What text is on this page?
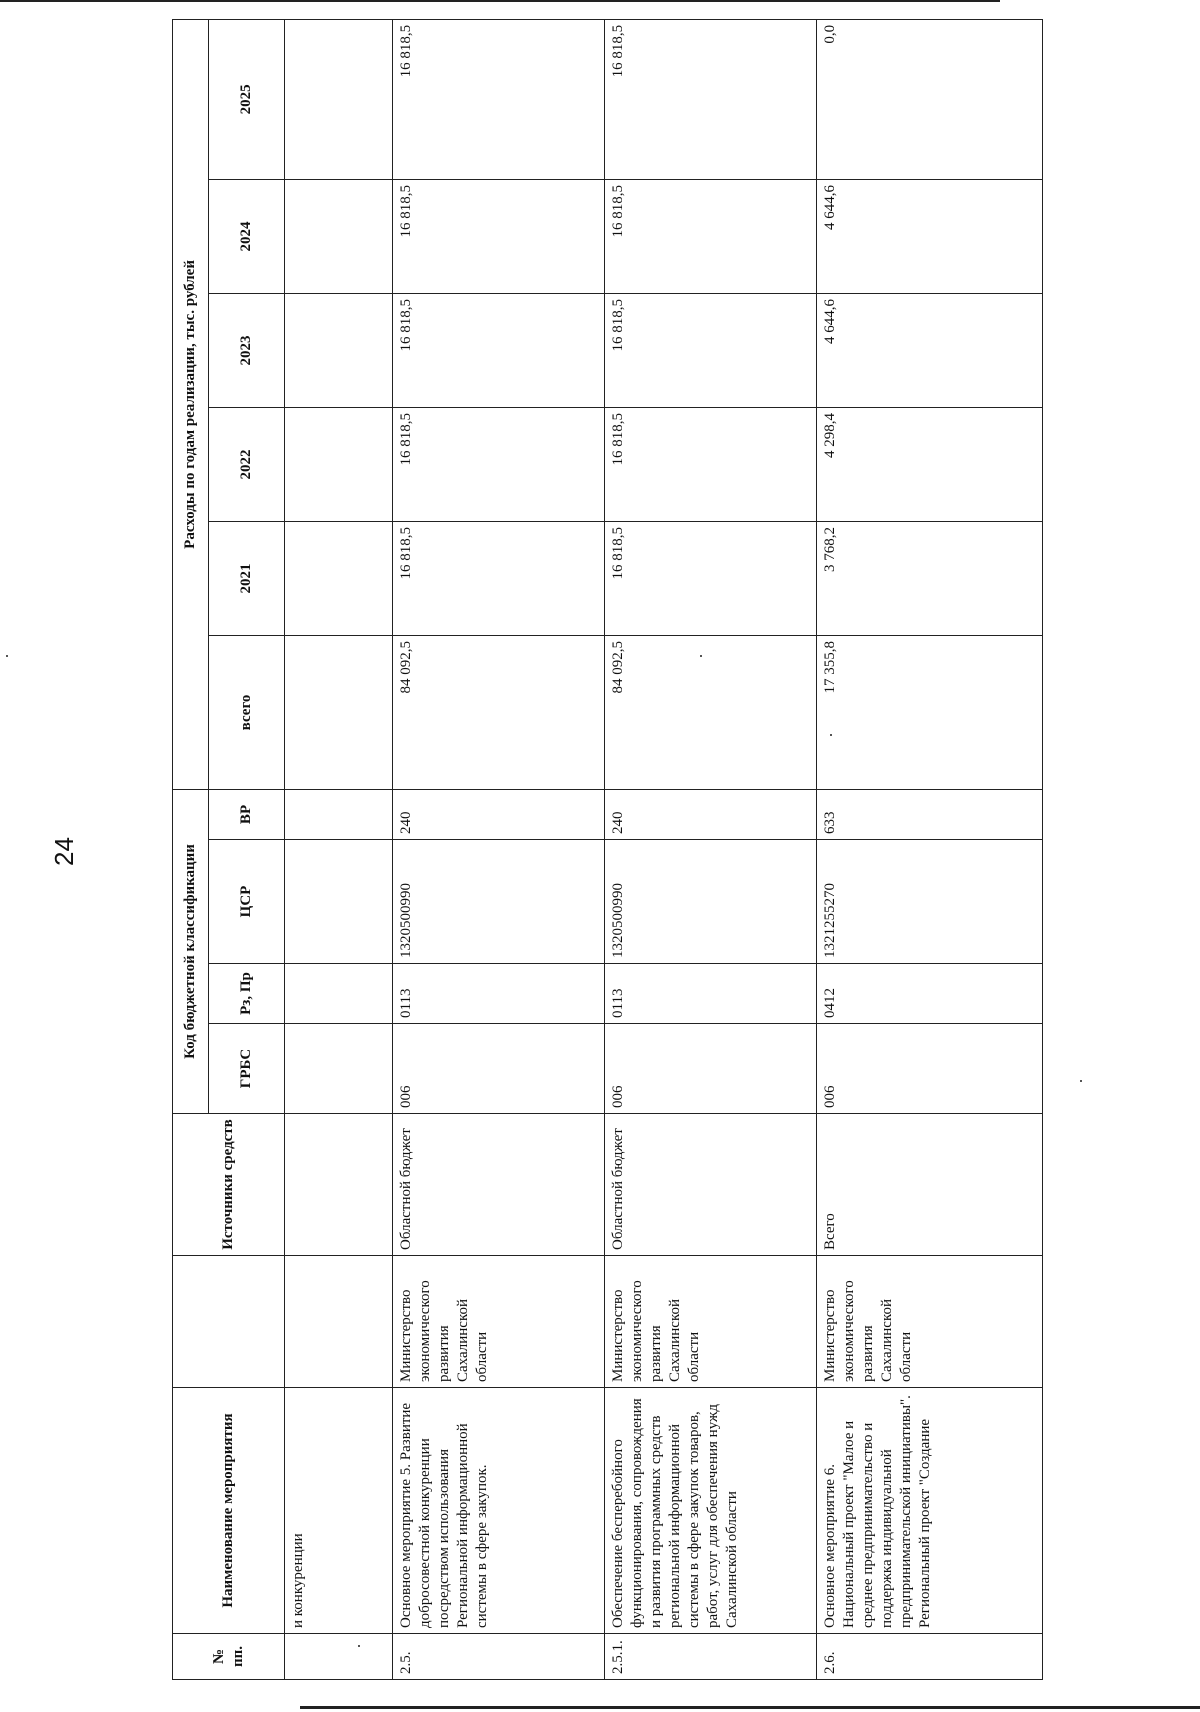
24
№ пп.	Наименование мероприятия		Источники средств	Код бюджетной классификации				Расходы по годам реализации, тыс. рублей					
				ГРБС	Рз, Пр	ЦСР	ВР	всего	2021	2022	2023	2024	2025
	и конкуренции												
2.5.	Основное мероприятие 5. Развитие добросовестной конкуренции посредством использования Региональной информационной системы в сфере закупок.	Министерство экономического развития Сахалинской области	Областной бюджет	006	0113	1320500990	240	84 092,5	16 818,5	16 818,5	16 818,5	16 818,5	16 818,5
2.5.1.	Обеспечение бесперебойного функционирования, сопровождения и развития программных средств региональной информационной системы в сфере закупок товаров, работ, услуг для обеспечения нужд Сахалинской области	Министерство экономического развития Сахалинской области	Областной бюджет	006	0113	1320500990	240	84 092,5	16 818,5	16 818,5	16 818,5	16 818,5	16 818,5
2.6.	Основное мероприятие 6. Национальный проект "Малое и среднее предпринимательство и поддержка индивидуальной предпринимательской инициативы". Региональный проект "Создание	Министерство экономического развития Сахалинской области	Всего	006	0412	1321255270	633	17 355,8	3 768,2	4 298,4	4 644,6	4 644,6	0,0
